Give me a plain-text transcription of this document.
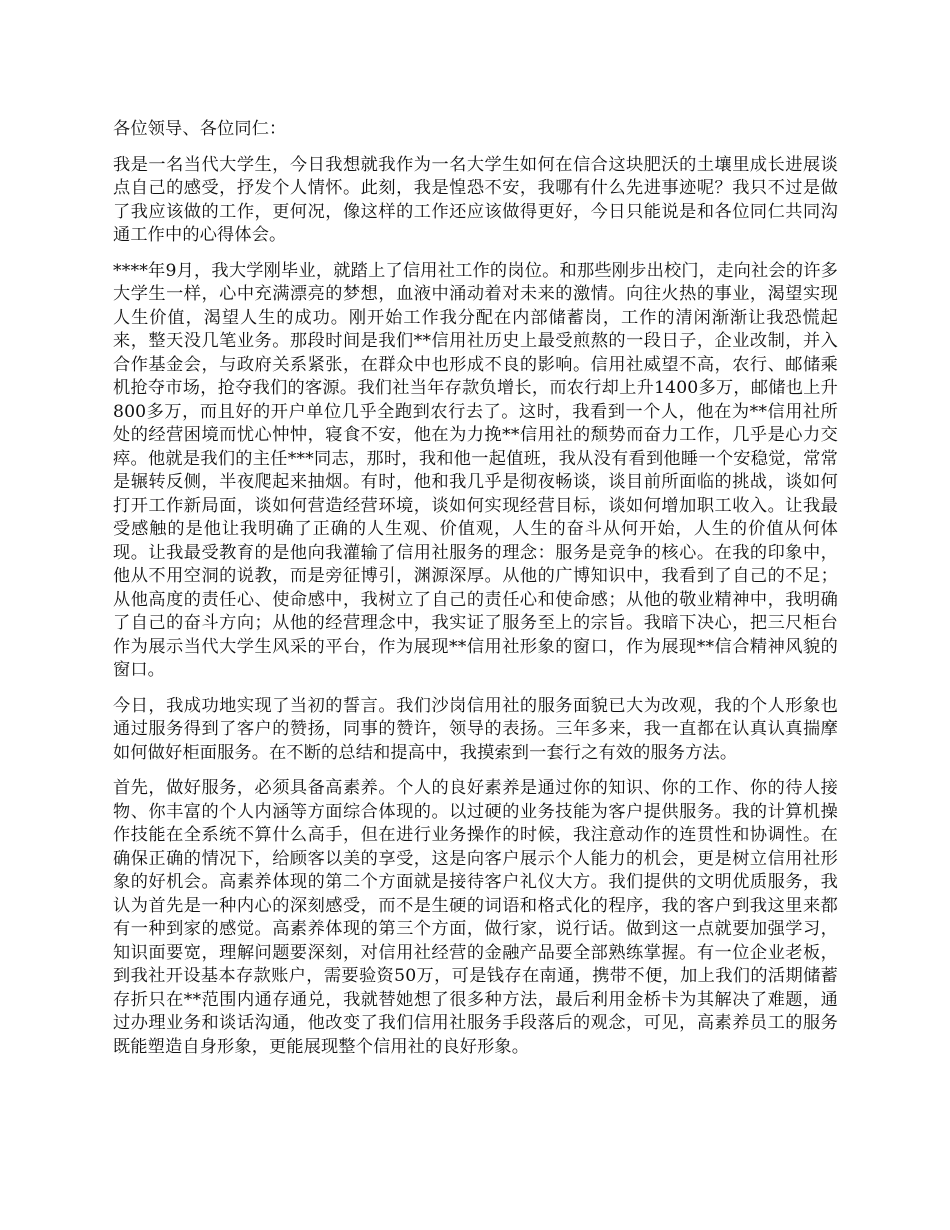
各位领导、各位同仁：

我是一名当代大学生，今日我想就我作为一名大学生如何在信合这块肥沃的土壤里成长进展谈点自己的感受，抒发个人情怀。此刻，我是惶恐不安，我哪有什么先进事迹呢？我只不过是做了我应该做的工作，更何况，像这样的工作还应该做得更好，今日只能说是和各位同仁共同沟通工作中的心得体会。

****年9月，我大学刚毕业，就踏上了信用社工作的岗位。和那些刚步出校门，走向社会的许多大学生一样，心中充满漂亮的梦想，血液中涌动着对未来的激情。向往火热的事业，渴望实现人生价值，渴望人生的成功。刚开始工作我分配在内部储蓄岗，工作的清闲渐渐让我恐慌起来，整天没几笔业务。那段时间是我们**信用社历史上最受煎熬的一段日子，企业改制，并入合作基金会，与政府关系紧张，在群众中也形成不良的影响。信用社威望不高，农行、邮储乘机抢夺市场，抢夺我们的客源。我们社当年存款负增长，而农行却上升1400多万，邮储也上升800多万，而且好的开户单位几乎全跑到农行去了。这时，我看到一个人，他在为**信用社所处的经营困境而忧心忡忡，寝食不安，他在为力挽**信用社的颓势而奋力工作，几乎是心力交瘁。他就是我们的主任***同志，那时，我和他一起值班，我从没有看到他睡一个安稳觉，常常是辗转反侧，半夜爬起来抽烟。有时，他和我几乎是彻夜畅谈，谈目前所面临的挑战，谈如何打开工作新局面，谈如何营造经营环境，谈如何实现经营目标，谈如何增加职工收入。让我最受感触的是他让我明确了正确的人生观、价值观，人生的奋斗从何开始，人生的价值从何体现。让我最受教育的是他向我灌输了信用社服务的理念：服务是竞争的核心。在我的印象中，他从不用空洞的说教，而是旁征博引，渊源深厚。从他的广博知识中，我看到了自己的不足；从他高度的责任心、使命感中，我树立了自己的责任心和使命感；从他的敬业精神中，我明确了自己的奋斗方向；从他的经营理念中，我实证了服务至上的宗旨。我暗下决心，把三尺柜台作为展示当代大学生风采的平台，作为展现**信用社形象的窗口，作为展现**信合精神风貌的窗口。

今日，我成功地实现了当初的誓言。我们沙岗信用社的服务面貌已大为改观，我的个人形象也通过服务得到了客户的赞扬，同事的赞许，领导的表扬。三年多来，我一直都在认真认真揣摩如何做好柜面服务。在不断的总结和提高中，我摸索到一套行之有效的服务方法。

首先，做好服务，必须具备高素养。个人的良好素养是通过你的知识、你的工作、你的待人接物、你丰富的个人内涵等方面综合体现的。以过硬的业务技能为客户提供服务。我的计算机操作技能在全系统不算什么高手，但在进行业务操作的时候，我注意动作的连贯性和协调性。在确保正确的情况下，给顾客以美的享受，这是向客户展示个人能力的机会，更是树立信用社形象的好机会。高素养体现的第二个方面就是接待客户礼仪大方。我们提供的文明优质服务，我认为首先是一种内心的深刻感受，而不是生硬的词语和格式化的程序，我的客户到我这里来都有一种到家的感觉。高素养体现的第三个方面，做行家，说行话。做到这一点就要加强学习，知识面要宽，理解问题要深刻，对信用社经营的金融产品要全部熟练掌握。有一位企业老板，到我社开设基本存款账户，需要验资50万，可是钱存在南通，携带不便，加上我们的活期储蓄存折只在**范围内通存通兑，我就替她想了很多种方法，最后利用金桥卡为其解决了难题，通过办理业务和谈话沟通，他改变了我们信用社服务手段落后的观念，可见，高素养员工的服务既能塑造自身形象，更能展现整个信用社的良好形象。
